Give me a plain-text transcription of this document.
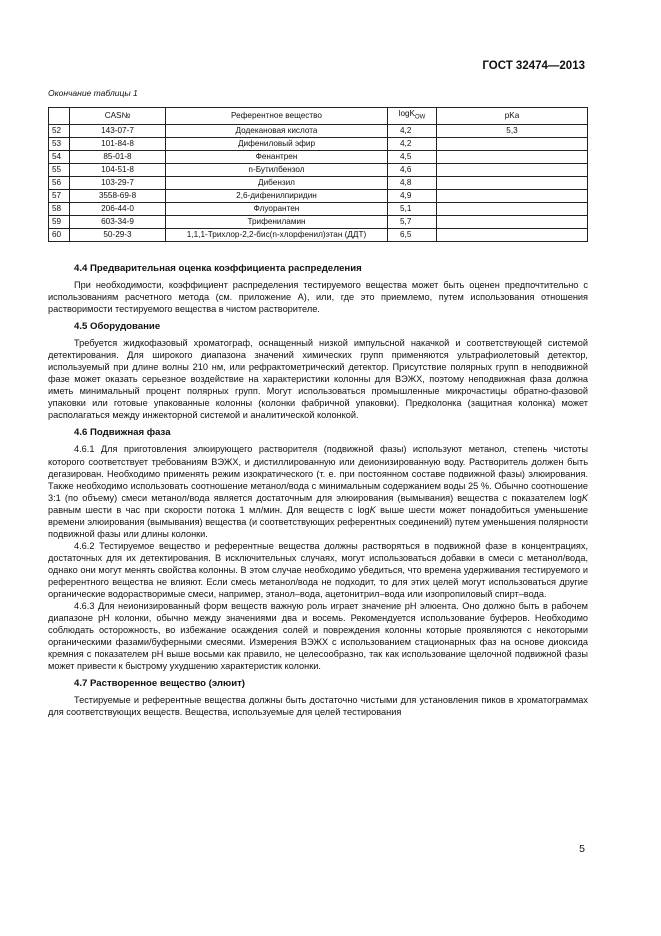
ГОСТ 32474—2013
Окончание таблицы 1
	CAS№	Референтное вещество	logK$_{OW}$	pKa
52	143-07-7	Додекановая кислота	4,2	5,3
53	101-84-8	Дифениловый эфир	4,2	
54	85-01-8	Фенантрен	4,5	
55	104-51-8	n-Бутилбензол	4,6	
56	103-29-7	Дибензил	4,8	
57	3558-69-8	2,6-дифенилпиридин	4,9	
58	206-44-0	Флуорантен	5,1	
59	603-34-9	Трифениламин	5,7	
60	50-29-3	1,1,1-Трихлор-2,2-бис(n-хлорфенил)этан (ДДТ)	6,5	
4.4 Предварительная оценка коэффициента распределения

При необходимости, коэффициент распределения тестируемого вещества может быть оценен предпочтительно с использованиям расчетного метода (см. приложение А), или, где это приемлемо, путем использования отношения растворимости тестируемого вещества в чистом растворителе.

4.5 Оборудование

Требуется жидкофазовый хроматограф, оснащенный низкой импульсной накачкой и соответствующей системой детектирования. Для широкого диапазона значений химических групп применяются ультрафиолетовый детектор, используемый при длине волны 210 нм, или рефрактометрический детектор. Присутствие полярных групп в неподвижной фазе может оказать серьезное воздействие на характеристики колонны для ВЭЖХ, поэтому неподвижная фаза должна иметь минимальный процент полярных групп. Могут использоваться промышленные микрочастицы обратно-фазовой упаковки или готовые упакованные колонны (колонки фабричной упаковки). Предколонка (защитная колонка) может располагаться между инжекторной системой и аналитической колонкой.

4.6 Подвижная фаза

4.6.1 Для приготовления элюирующего растворителя (подвижной фазы) используют метанол, степень чистоты которого соответствует требованиям ВЭЖХ, и дистиллированную или деионизированную воду. Растворитель должен быть дегазирован. Необходимо применять режим изократического (т. е. при постоянном составе подвижной фазы) элюирования. Также необходимо использовать соотношение метанол/вода с минимальным содержанием воды 25 %. Обычно соотношение 3:1 (по объему) смеси метанол/вода является достаточным для элюирования (вымывания) вещества с показателем logK равным шести в час при скорости потока 1 мл/мин. Для веществ с logK выше шести может понадобиться уменьшение времени элюирования (вымывания) вещества (и соответствующих референтных соединений) путем уменьшения полярности подвижной фазы или длины колонки.

4.6.2 Тестируемое вещество и референтные вещества должны растворяться в подвижной фазе в концентрациях, достаточных для их детектирования. В исключительных случаях, могут использоваться добавки в смеси с метанол/вода, однако они могут менять свойства колонны. В этом случае необходимо убедиться, что времена удерживания тестируемого и референтного вещества не влияют. Если смесь метанол/вода не подходит, то для этих целей могут использоваться другие органические водорастворимые смеси, например, этанол–вода, ацетонитрил–вода или изопропиловый спирт–вода.

4.6.3 Для неионизированный форм веществ важную роль играет значение pH элюента. Оно должно быть в рабочем диапазоне pH колонки, обычно между значениями два и восемь. Рекомендуется использование буферов. Необходимо соблюдать осторожность, во избежание осаждения солей и повреждения колонны которые проявляются с некоторыми органическими фазами/буферными смесями. Измерения ВЭЖХ с использованием стационарных фаз на основе диоксида кремния с показателем pH выше восьми как правило, не целесообразно, так как использование щелочной подвижной фазы может привести к быстрому ухудшению характеристик колонки.

4.7 Растворенное вещество (элюит)

Тестируемые и референтные вещества должны быть достаточно чистыми для установления пиков в хроматограммах для соответствующих веществ. Вещества, используемые для целей тестирования

5
